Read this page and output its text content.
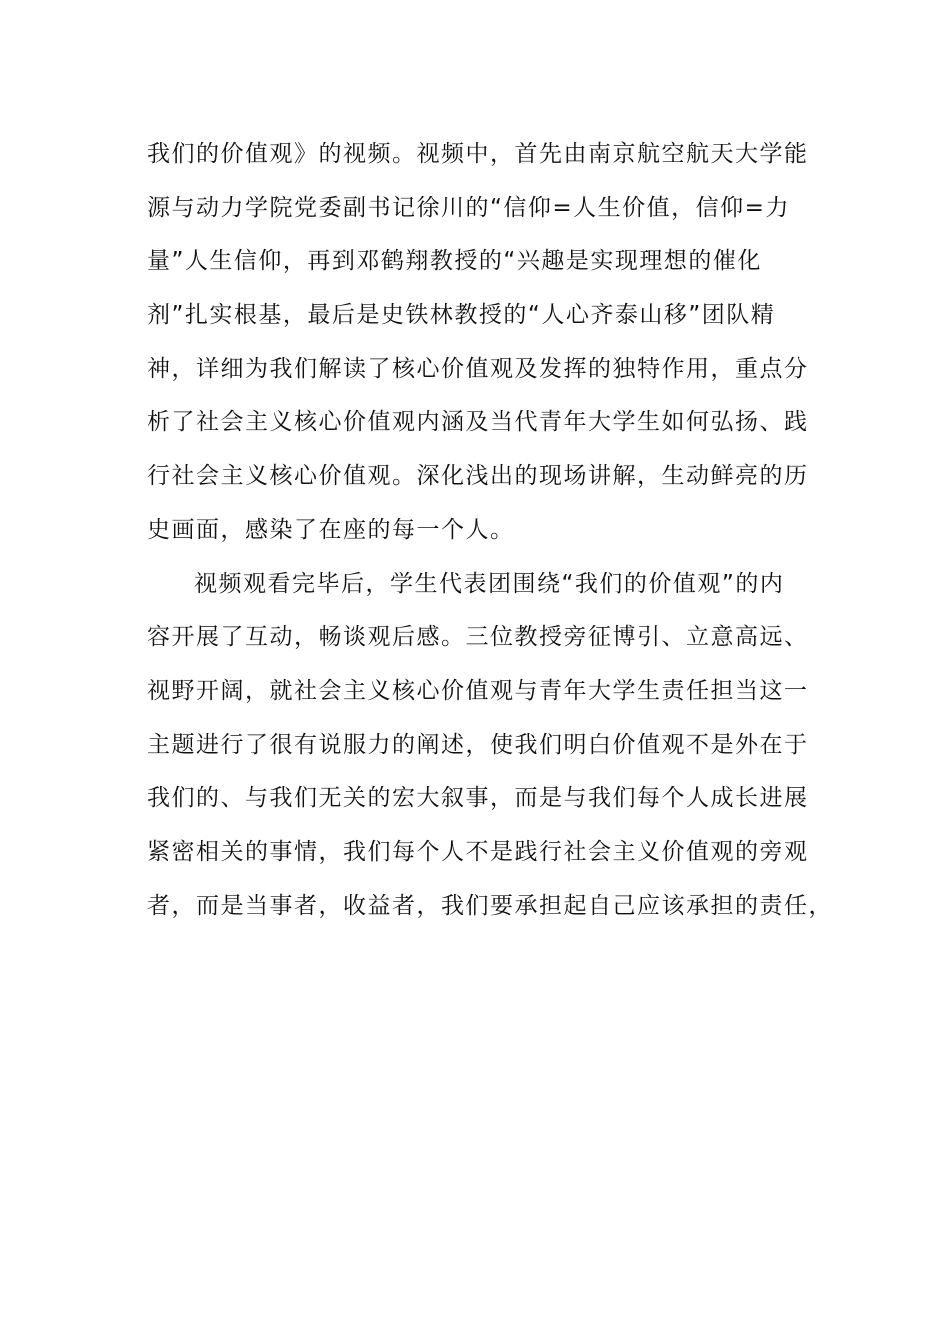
我们的价值观》的视频。视频中，首先由南京航空航天大学能
源与动力学院党委副书记徐川的“信仰=人生价值，信仰=力
量”人生信仰，再到邓鹤翔教授的“兴趣是实现理想的催化
剂”扎实根基，最后是史铁林教授的“人心齐泰山移”团队精
神，详细为我们解读了核心价值观及发挥的独特作用，重点分
析了社会主义核心价值观内涵及当代青年大学生如何弘扬、践
行社会主义核心价值观。深化浅出的现场讲解，生动鲜亮的历
史画面，感染了在座的每一个人。
视频观看完毕后，学生代表团围绕“我们的价值观”的内
容开展了互动，畅谈观后感。三位教授旁征博引、立意高远、
视野开阔，就社会主义核心价值观与青年大学生责任担当这一
主题进行了很有说服力的阐述，使我们明白价值观不是外在于
我们的、与我们无关的宏大叙事，而是与我们每个人成长进展
紧密相关的事情，我们每个人不是践行社会主义价值观的旁观
者，而是当事者，收益者，我们要承担起自己应该承担的责任，
